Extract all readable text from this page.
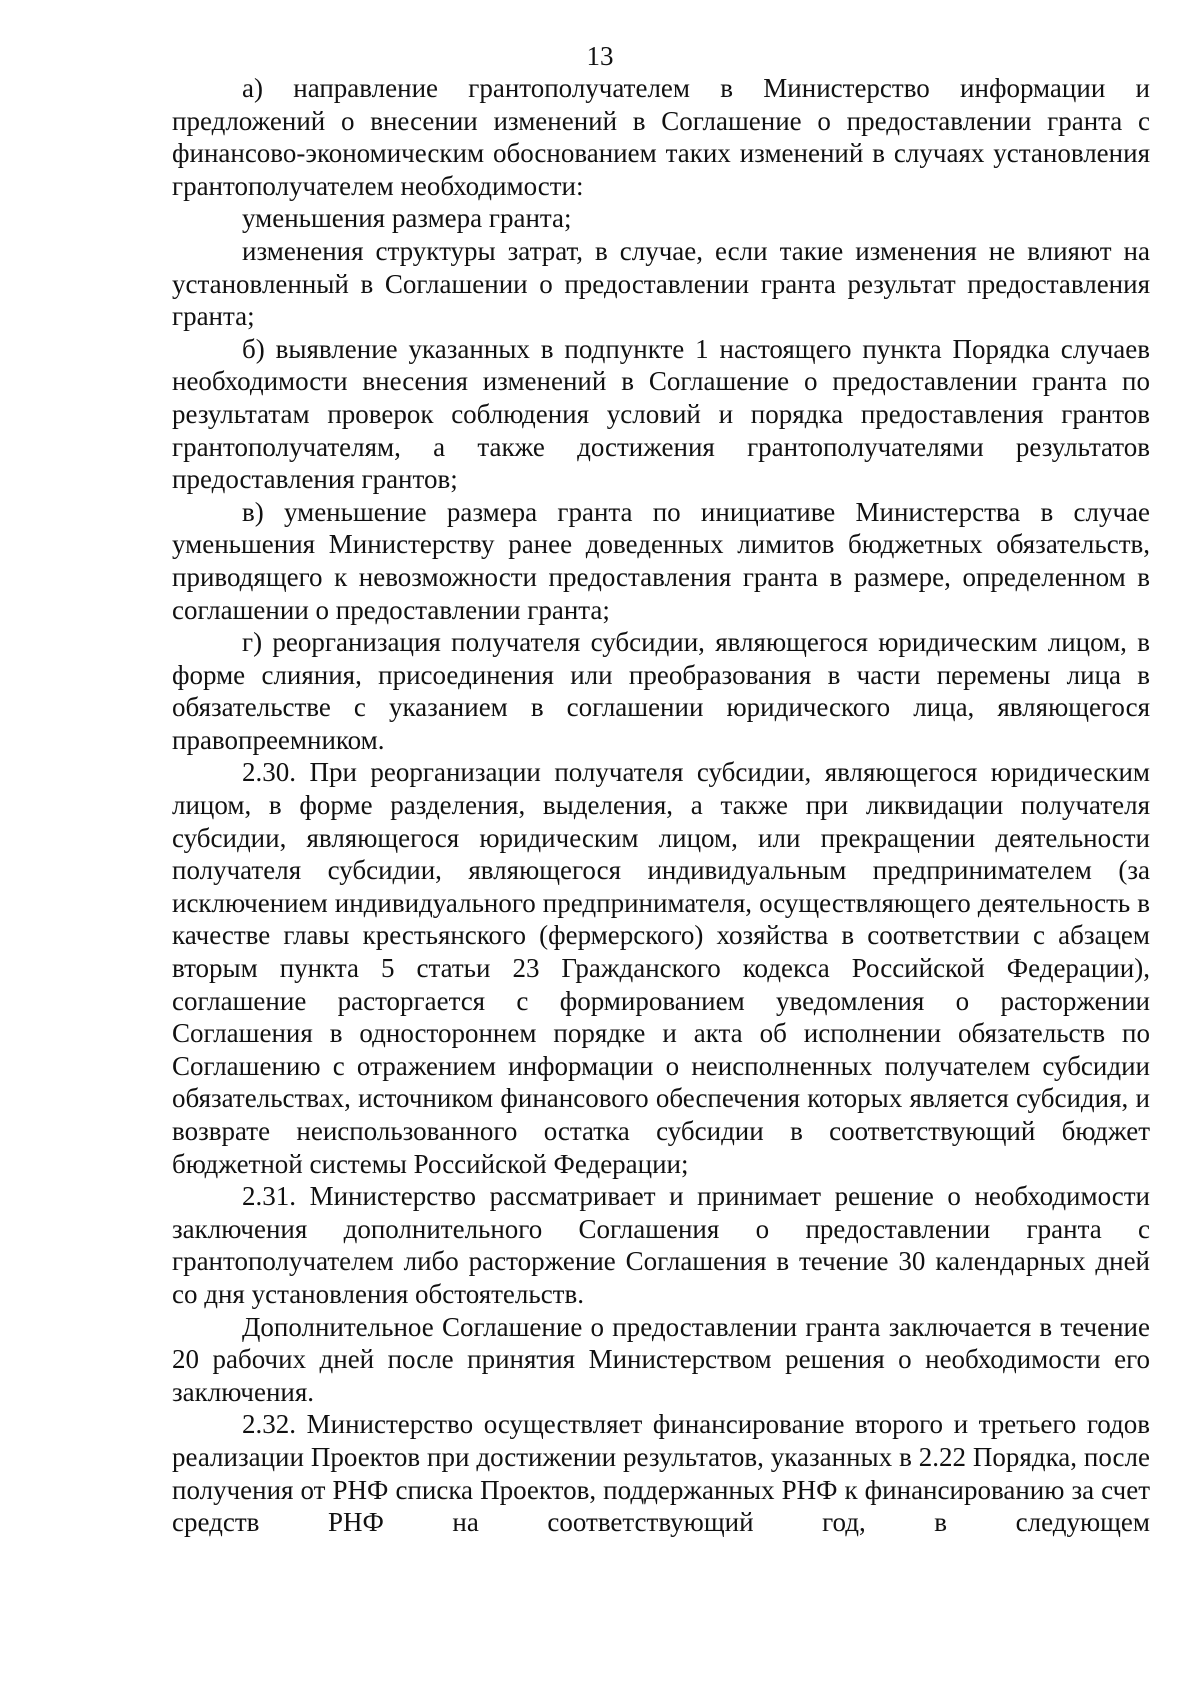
13

а) направление грантополучателем в Министерство информации и предложений о внесении изменений в Соглашение о предоставлении гранта с финансово-экономическим обоснованием таких изменений в случаях установления грантополучателем необходимости:

уменьшения размера гранта;

изменения структуры затрат, в случае, если такие изменения не влияют на установленный в Соглашении о предоставлении гранта результат предоставления гранта;

б) выявление указанных в подпункте 1 настоящего пункта Порядка случаев необходимости внесения изменений в Соглашение о предоставлении гранта по результатам проверок соблюдения условий и порядка предоставления грантов грантополучателям, а также достижения грантополучателями результатов предоставления грантов;

в) уменьшение размера гранта по инициативе Министерства в случае уменьшения Министерству ранее доведенных лимитов бюджетных обязательств, приводящего к невозможности предоставления гранта в размере, определенном в соглашении о предоставлении гранта;

г) реорганизация получателя субсидии, являющегося юридическим лицом, в форме слияния, присоединения или преобразования в части перемены лица в обязательстве с указанием в соглашении юридического лица, являющегося правопреемником.

2.30. При реорганизации получателя субсидии, являющегося юридическим лицом, в форме разделения, выделения, а также при ликвидации получателя субсидии, являющегося юридическим лицом, или прекращении деятельности получателя субсидии, являющегося индивидуальным предпринимателем (за исключением индивидуального предпринимателя, осуществляющего деятельность в качестве главы крестьянского (фермерского) хозяйства в соответствии с абзацем вторым пункта 5 статьи 23 Гражданского кодекса Российской Федерации), соглашение расторгается с формированием уведомления о расторжении Соглашения в одностороннем порядке и акта об исполнении обязательств по Соглашению с отражением информации о неисполненных получателем субсидии обязательствах, источником финансового обеспечения которых является субсидия, и возврате неиспользованного остатка субсидии в соответствующий бюджет бюджетной системы Российской Федерации;

2.31. Министерство рассматривает и принимает решение о необходимости заключения дополнительного Соглашения о предоставлении гранта с грантополучателем либо расторжение Соглашения в течение 30 календарных дней со дня установления обстоятельств.

Дополнительное Соглашение о предоставлении гранта заключается в течение 20 рабочих дней после принятия Министерством решения о необходимости его заключения.

2.32. Министерство осуществляет финансирование второго и третьего годов реализации Проектов при достижении результатов, указанных в 2.22 Порядка, после получения от РНФ списка Проектов, поддержанных РНФ к финансированию за счет средств РНФ на соответствующий год, в следующем
